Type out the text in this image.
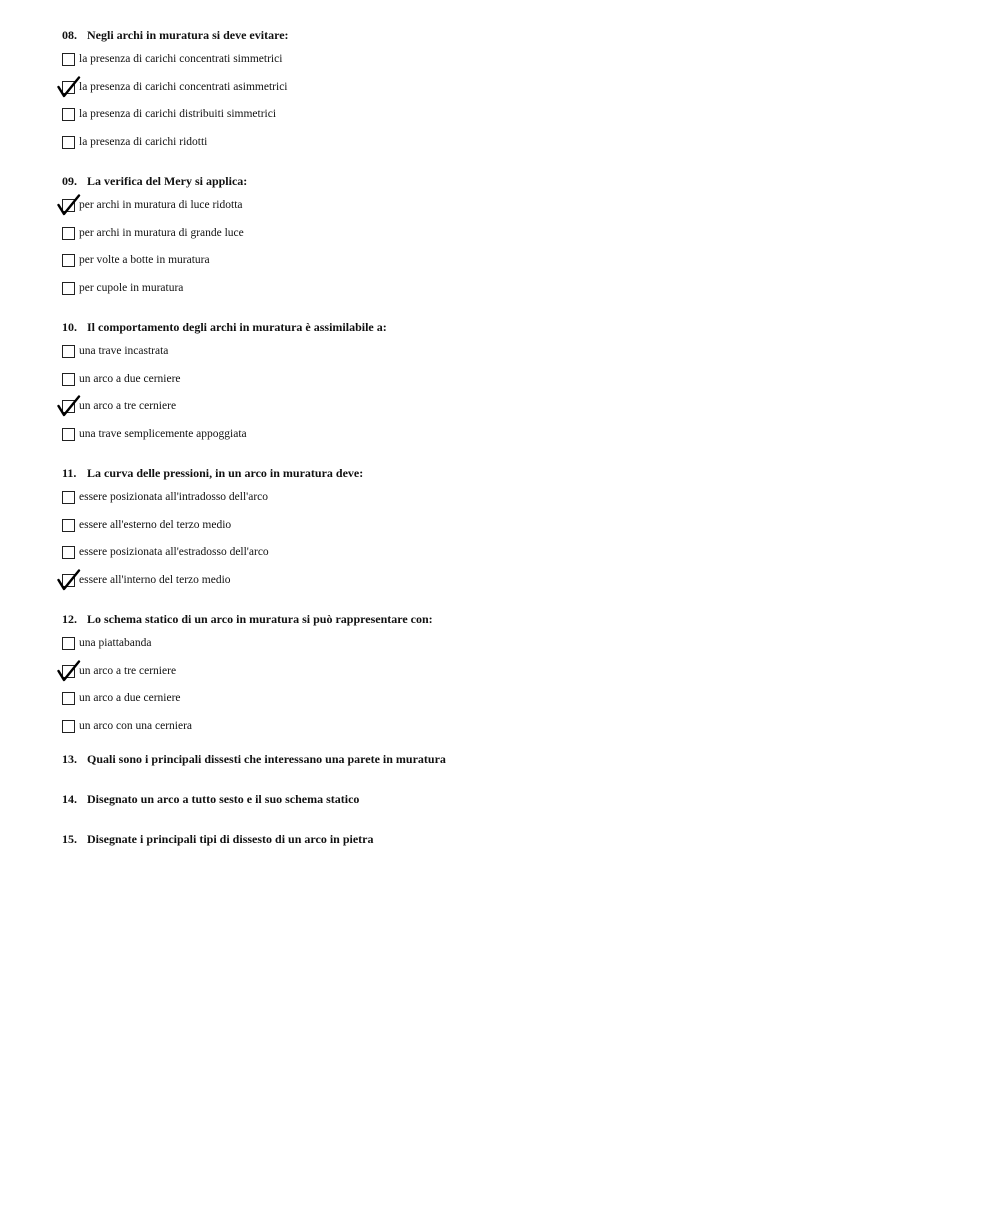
08. Negli archi in muratura si deve evitare:
la presenza di carichi concentrati simmetrici
la presenza di carichi concentrati asimmetrici
la presenza di carichi distribuiti simmetrici
la presenza di carichi ridotti
09. La verifica del Mery si applica:
per archi in muratura di luce ridotta
per archi in muratura di grande luce
per volte a botte in muratura
per cupole in muratura
10. Il comportamento degli archi in muratura è assimilabile a:
una trave incastrata
un arco a due cerniere
un arco a tre cerniere
una trave semplicemente appoggiata
11. La curva delle pressioni, in un arco in muratura deve:
essere posizionata all'intradosso dell'arco
essere all'esterno del terzo medio
essere posizionata all'estradosso dell'arco
essere all'interno del terzo medio
12. Lo schema statico di un arco in muratura si può rappresentare con:
una piattabanda
un arco a tre cerniere
un arco a due cerniere
un arco con una cerniera
13. Quali sono i principali dissesti che interessano una parete in muratura
14. Disegnato un arco a tutto sesto e il suo schema statico
15. Disegnate i principali tipi di dissesto di un arco in pietra
